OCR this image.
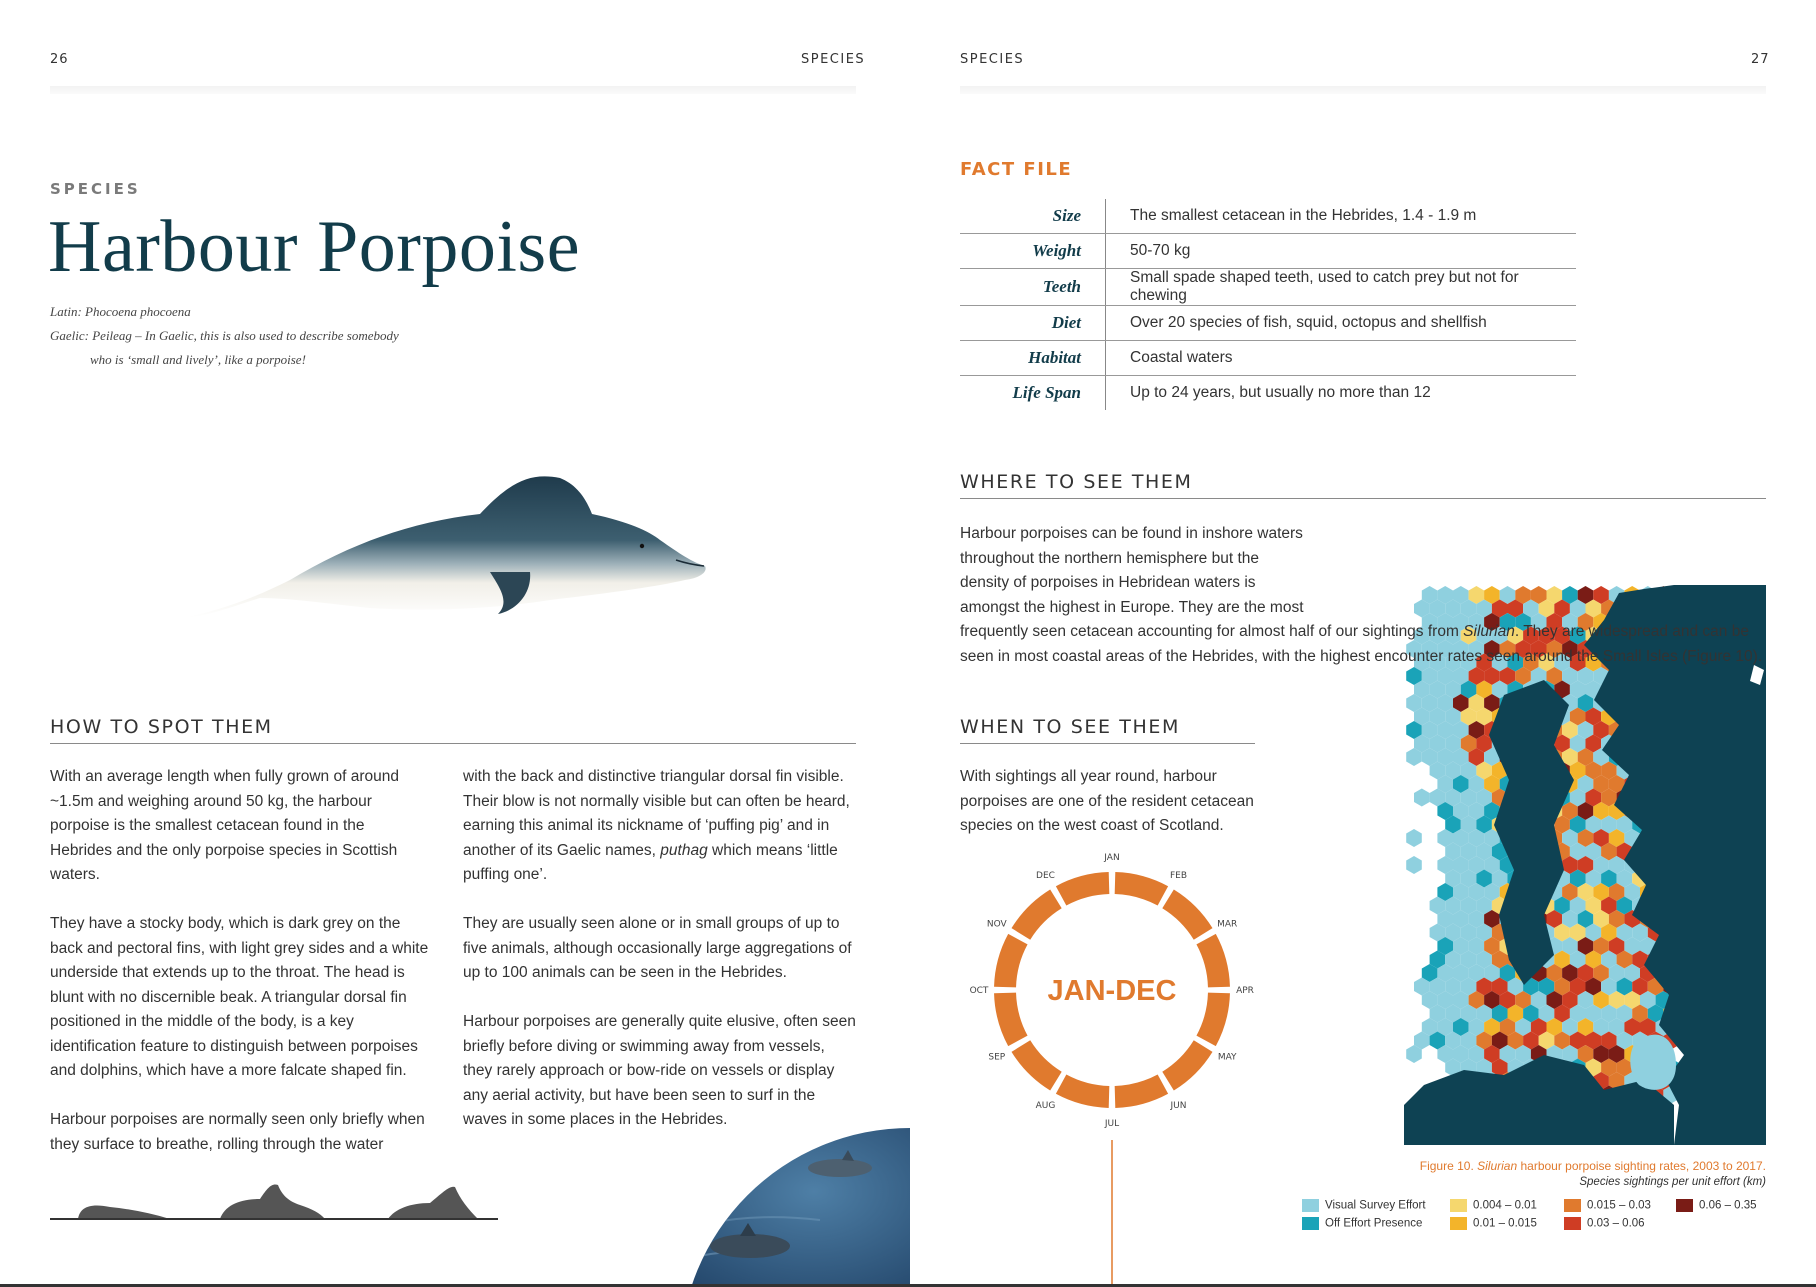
26	SPECIES
SPECIES
Harbour Porpoise
Latin: Phocoena phocoena
Gaelic: Peileag – In Gaelic, this is also used to describe somebody
who is ‘small and lively’, like a porpoise!
HOW TO SPOT THEM

With an average length when fully grown of around ~1.5m and weighing around 50 kg, the harbour porpoise is the smallest cetacean found in the Hebrides and the only porpoise species in Scottish waters.

They have a stocky body, which is dark grey on the back and pectoral fins, with light grey sides and a white underside that extends up to the throat. The head is blunt with no discernible beak. A triangular dorsal fin positioned in the middle of the body, is a key identification feature to distinguish between porpoises and dolphins, which have a more falcate shaped fin.

Harbour porpoises are normally seen only briefly when they surface to breathe, rolling through the water

with the back and distinctive triangular dorsal fin visible. Their blow is not normally visible but can often be heard, earning this animal its nickname of ‘puffing pig’ and in another of its Gaelic names, puthag which means ‘little puffing one’.

They are usually seen alone or in small groups of up to five animals, although occasionally large aggregations of up to 100 animals can be seen in the Hebrides.

Harbour porpoises are generally quite elusive, often seen briefly before diving or swimming away from vessels, they rarely approach or bow-ride on vessels or display any aerial activity, but have been seen to surf in the waves in some places in the Hebrides.

SPECIES	27
FACT FILE
Size	The smallest cetacean in the Hebrides, 1.4 - 1.9 m
Weight	50-70 kg
Teeth	Small spade shaped teeth, used to catch prey but not for chewing
Diet	Over 20 species of fish, squid, octopus and shellfish
Habitat	Coastal waters
Life Span	Up to 24 years, but usually no more than 12
WHERE TO SEE THEM
Harbour porpoises can be found in inshore waters throughout the northern hemisphere but the density of porpoises in Hebridean waters is amongst the highest in Europe. They are the most frequently seen cetacean accounting for almost half of our sightings from Silurian. They are widespread and can be seen in most coastal areas of the Hebrides, with the highest encounter rates seen around the Small Isles (Figure 10).
WHEN TO SEE THEM
With sightings all year round, harbour porpoises are one of the resident cetacean species on the west coast of Scotland.
JAN
FEB
MAR
APR
MAY
JUN
JUL
AUG
SEP
OCT
NOV
DEC
JAN-DEC
Figure 10. Silurian harbour porpoise sighting rates, 2003 to 2017.
Species sightings per unit effort (km)
Visual Survey Effort
Off Effort Presence
0.004 – 0.01
0.01 – 0.015
0.015 – 0.03
0.03 – 0.06
0.06 – 0.35
